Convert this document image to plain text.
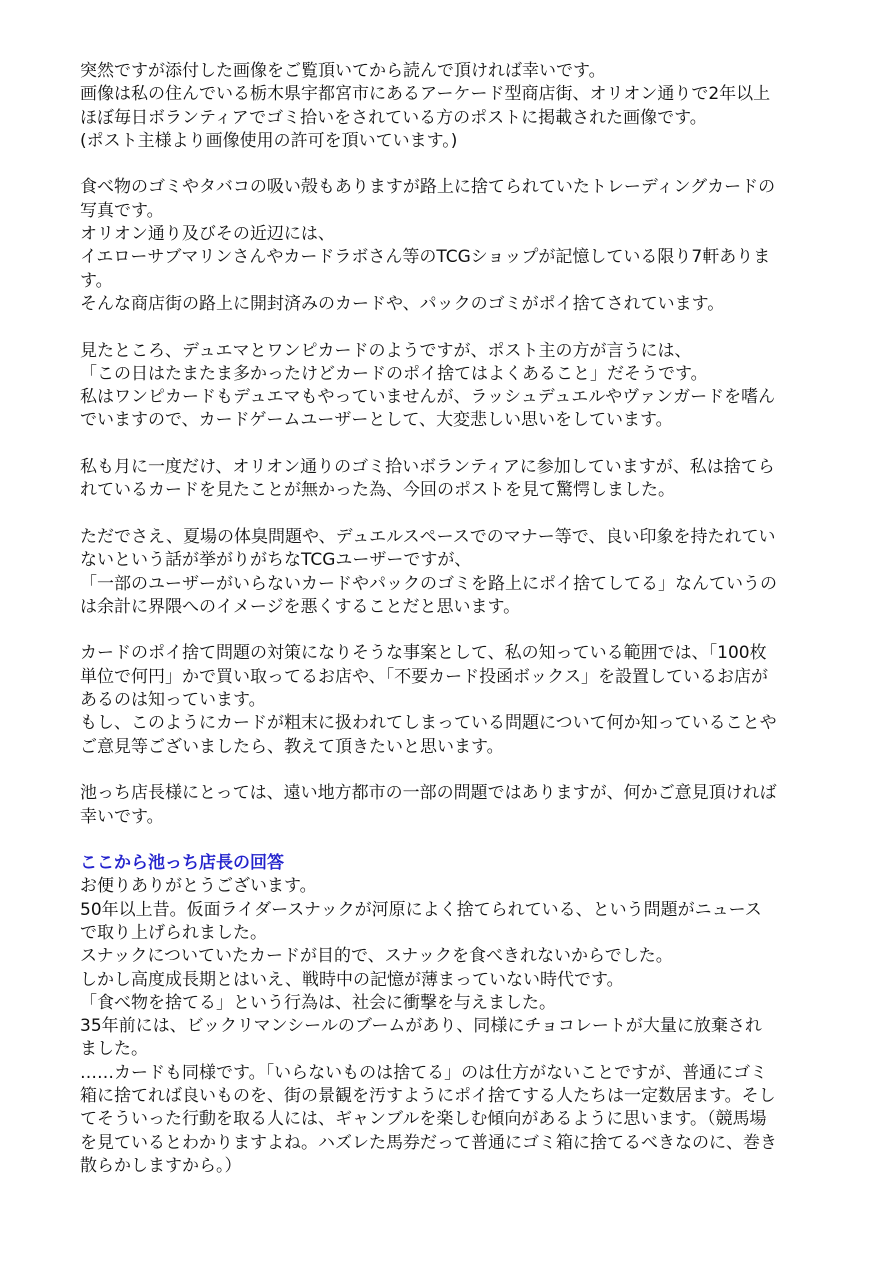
突然ですが添付した画像をご覧頂いてから読んで頂ければ幸いです。
画像は私の住んでいる栃木県宇都宮市にあるアーケード型商店街、オリオン通りで2年以上
ほぼ毎日ボランティアでゴミ拾いをされている方のポストに掲載された画像です。
(ポスト主様より画像使用の許可を頂いています。)
食べ物のゴミやタバコの吸い殻もありますが路上に捨てられていたトレーディングカードの
写真です。
オリオン通り及びその近辺には、
イエローサブマリンさんやカードラボさん等のTCGショップが記憶している限り7軒ありま
す。
そんな商店街の路上に開封済みのカードや、パックのゴミがポイ捨てされています。
見たところ、デュエマとワンピカードのようですが、ポスト主の方が言うには、
「この日はたまたま多かったけどカードのポイ捨てはよくあること」だそうです。
私はワンピカードもデュエマもやっていませんが、ラッシュデュエルやヴァンガードを嗜ん
でいますので、カードゲームユーザーとして、大変悲しい思いをしています。
私も月に一度だけ、オリオン通りのゴミ拾いボランティアに参加していますが、私は捨てら
れているカードを見たことが無かった為、今回のポストを見て驚愕しました。
ただでさえ、夏場の体臭問題や、デュエルスペースでのマナー等で、良い印象を持たれてい
ないという話が挙がりがちなTCGユーザーですが、
「一部のユーザーがいらないカードやパックのゴミを路上にポイ捨てしてる」なんていうの
は余計に界隈へのイメージを悪くすることだと思います。
カードのポイ捨て問題の対策になりそうな事案として、私の知っている範囲では、「100枚
単位で何円」かで買い取ってるお店や、「不要カード投函ボックス」を設置しているお店が
あるのは知っています。
もし、このようにカードが粗末に扱われてしまっている問題について何か知っていることや
ご意見等ございましたら、教えて頂きたいと思います。
池っち店長様にとっては、遠い地方都市の一部の問題ではありますが、何かご意見頂ければ
幸いです。
ここから池っち店長の回答
お便りありがとうございます。
50年以上昔。仮面ライダースナックが河原によく捨てられている、という問題がニュース
で取り上げられました。
スナックについていたカードが目的で、スナックを食べきれないからでした。
しかし高度成長期とはいえ、戦時中の記憶が薄まっていない時代です。
「食べ物を捨てる」という行為は、社会に衝撃を与えました。
35年前には、ビックリマンシールのブームがあり、同様にチョコレートが大量に放棄され
ました。
……カードも同様です。「いらないものは捨てる」のは仕方がないことですが、普通にゴミ
箱に捨てれば良いものを、街の景観を汚すようにポイ捨てする人たちは一定数居ます。そし
てそういった行動を取る人には、ギャンブルを楽しむ傾向があるように思います。（競馬場
を見ているとわかりますよね。ハズレた馬券だって普通にゴミ箱に捨てるべきなのに、巻き
散らかしますから。）
